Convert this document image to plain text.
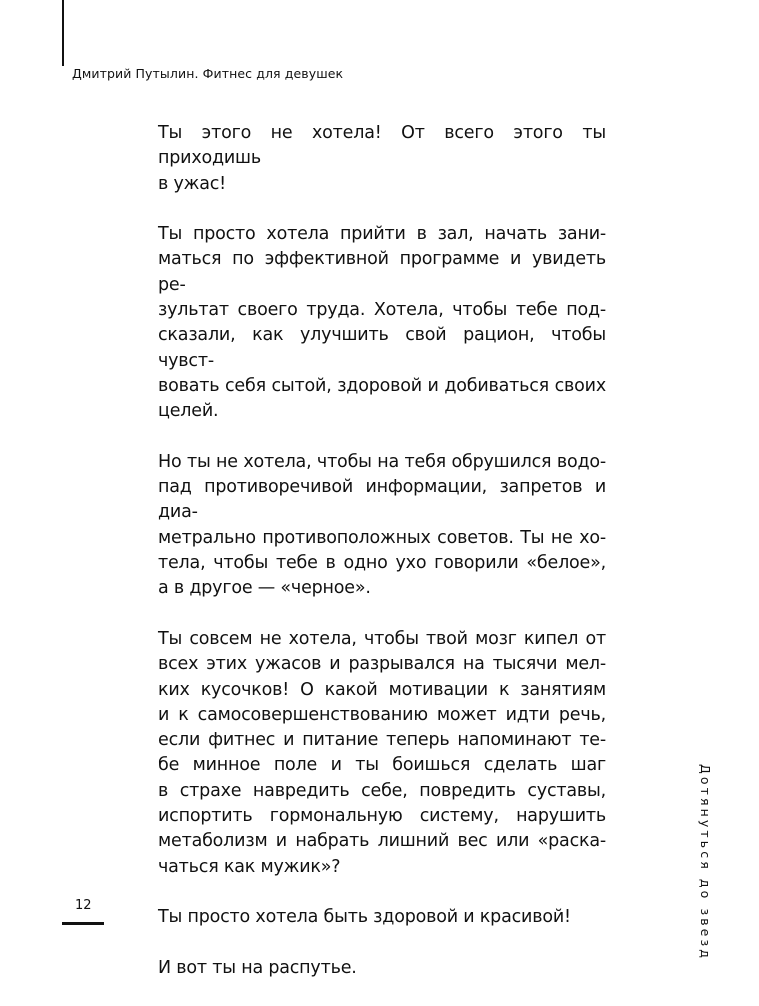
Дмитрий Путылин. Фитнес для девушек

Ты этого не хотела! От всего этого ты приходишь
в ужас!

Ты просто хотела прийти в зал, начать зани-
маться по эффективной программе и увидеть ре-
зультат своего труда. Хотела, чтобы тебе под-
сказали, как улучшить свой рацион, чтобы чувст-
вовать себя сытой, здоровой и добиваться своих
целей.

Но ты не хотела, чтобы на тебя обрушился водо-
пад противоречивой информации, запретов и диа-
метрально противоположных советов. Ты не хо-
тела, чтобы тебе в одно ухо говорили «белое»,
а в другое — «черное».

Ты совсем не хотела, чтобы твой мозг кипел от
всех этих ужасов и разрывался на тысячи мел-
ких кусочков! О какой мотивации к занятиям
и к самосовершенствованию может идти речь,
если фитнес и питание теперь напоминают те-
бе минное поле и ты боишься сделать шаг
в страхе навредить себе, повредить суставы,
испортить гормональную систему, нарушить
метаболизм и набрать лишний вес или «раска-
чаться как мужик»?

Ты просто хотела быть здоровой и красивой!

И вот ты на распутье.

12	Дотянуться до звезд
